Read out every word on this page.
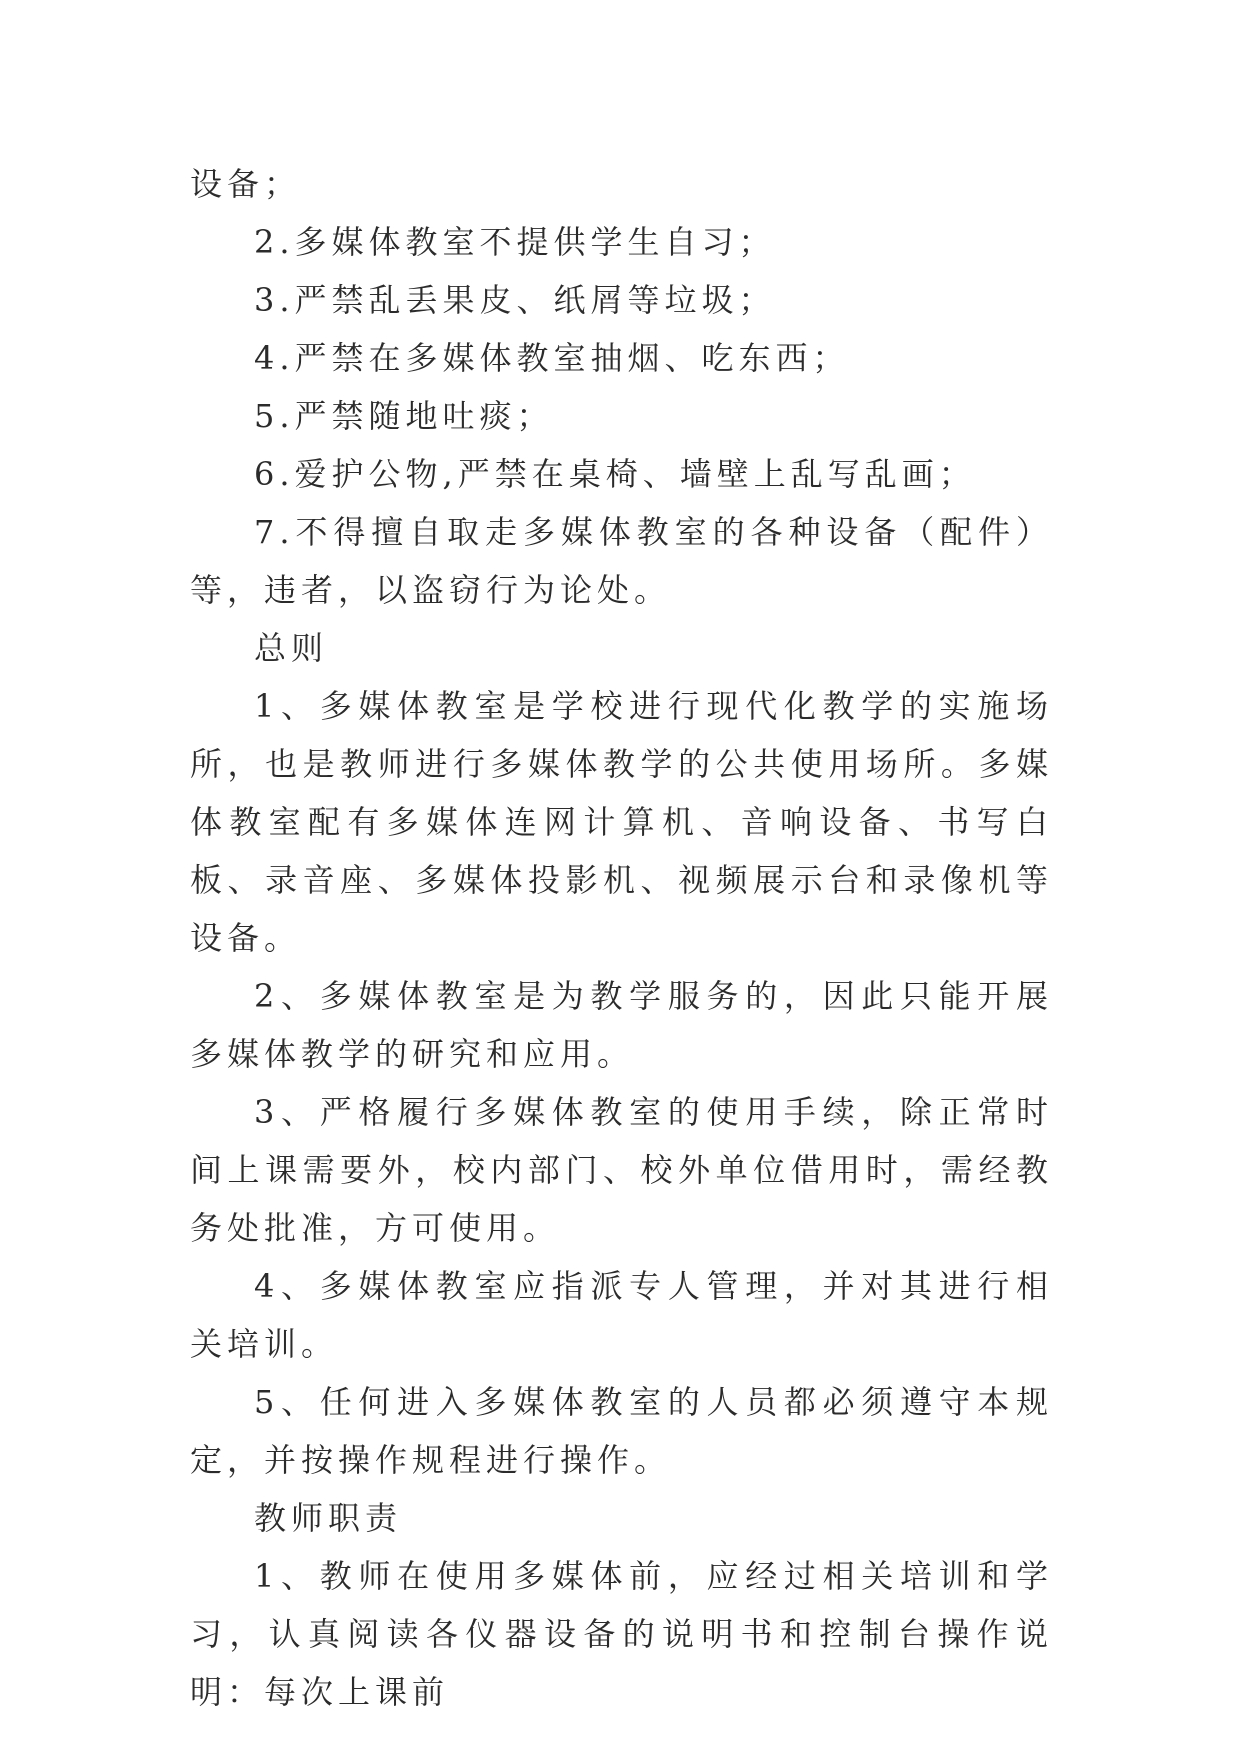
设备；

2.多媒体教室不提供学生自习；

3.严禁乱丢果皮、纸屑等垃圾；

4.严禁在多媒体教室抽烟、吃东西；

5.严禁随地吐痰；

6.爱护公物,严禁在桌椅、墙壁上乱写乱画；

7.不得擅自取走多媒体教室的各种设备（配件）等，违者，以盗窃行为论处。

总则

1、多媒体教室是学校进行现代化教学的实施场所，也是教师进行多媒体教学的公共使用场所。多媒体教室配有多媒体连网计算机、音响设备、书写白板、录音座、多媒体投影机、视频展示台和录像机等设备。

2、多媒体教室是为教学服务的，因此只能开展多媒体教学的研究和应用。

3、严格履行多媒体教室的使用手续，除正常时间上课需要外，校内部门、校外单位借用时，需经教务处批准，方可使用。

4、多媒体教室应指派专人管理，并对其进行相关培训。

5、任何进入多媒体教室的人员都必须遵守本规定，并按操作规程进行操作。

教师职责

1、教师在使用多媒体前，应经过相关培训和学习，认真阅读各仪器设备的说明书和控制台操作说明：每次上课前
